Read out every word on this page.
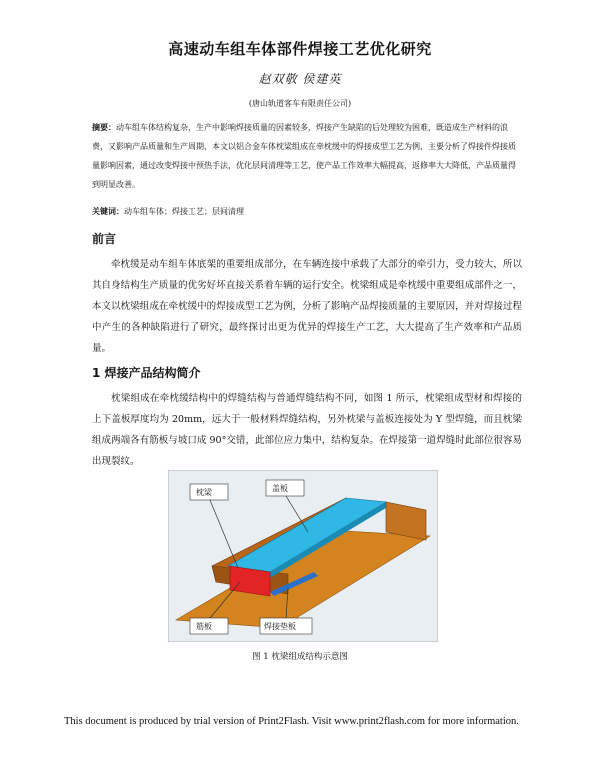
高速动车组车体部件焊接工艺优化研究
赵双敬 侯建英
(唐山轨道客车有限责任公司)

摘要：动车组车体结构复杂，生产中影响焊接质量的因素较多，焊接产生缺陷的后处理较为困难，既造成生产材料的浪费，又影响产品质量和生产周期，本文以铝合金车体枕梁组成在牵枕缓中的焊接成型工艺为例，主要分析了焊接件焊接质量影响因素，通过改变焊接中预热手法，优化层间清理等工艺，使产品工作效率大幅提高，返修率大大降低，产品质量得到明显改善。

关键词：动车组车体；焊接工艺；层间清理

前言

牵枕缓是动车组车体底架的重要组成部分，在车辆连接中承载了大部分的牵引力，受力较大，所以其自身结构生产质量的优劣好坏直接关系着车辆的运行安全。枕梁组成是牵枕缓中重要组成部件之一，本文以枕梁组成在牵枕缓中的焊接成型工艺为例，分析了影响产品焊接质量的主要原因，并对焊接过程中产生的各种缺陷进行了研究，最终探讨出更为优异的焊接生产工艺，大大提高了生产效率和产品质量。

1 焊接产品结构简介

枕梁组成在牵枕缓结构中的焊缝结构与普通焊缝结构不同，如图 1 所示，枕梁组成型材和焊接的上下盖板厚度均为 20mm，远大于一般材料焊缝结构，另外枕梁与盖板连接处为 Y 型焊缝，而且枕梁组成两端各有筋板与坡口成 90°交错，此部位应力集中，结构复杂。在焊接第一道焊缝时此部位很容易出现裂纹。

枕梁	盖板
筋板	焊接垫板
图 1 枕梁组成结构示意图
This document is produced by trial version of Print2Flash. Visit www.print2flash.com for more information.
